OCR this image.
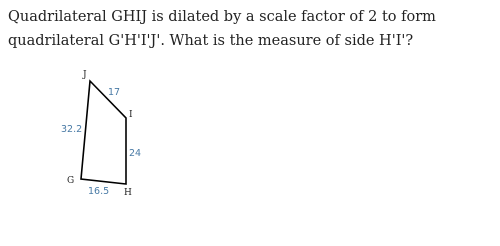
Quadrilateral GHIJ is dilated by a scale factor of 2 to form quadrilateral G'H'I'J'. What is the measure of side H'I'?

J
I
G
H
17
32.2
24
16.5
